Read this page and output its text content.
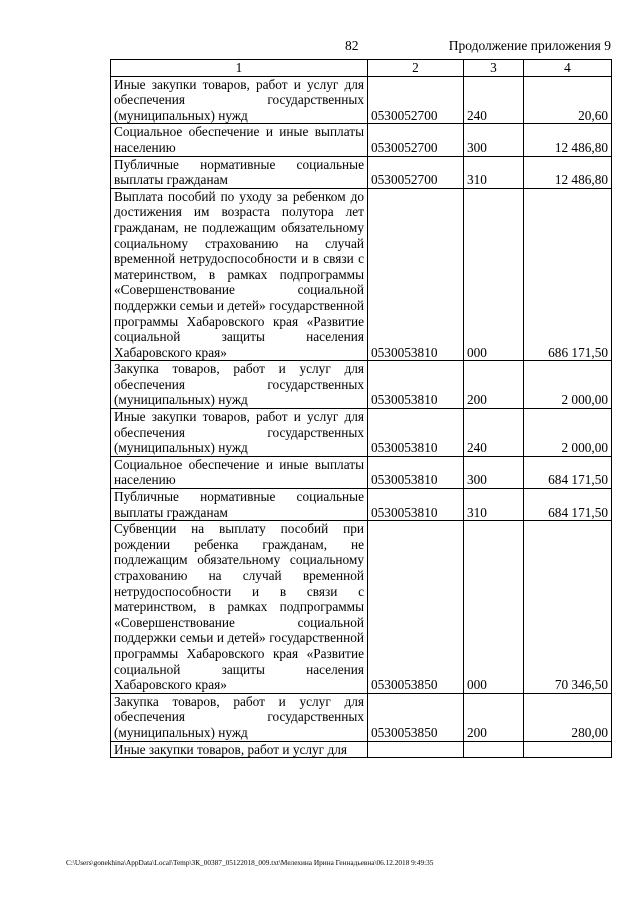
82	Продолжение приложения 9
1	2	3	4
Иные закупки товаров, работ и услуг для обеспечения государственных (муниципальных) нужд	0530052700	240	20,60
Социальное обеспечение и иные выплаты населению	0530052700	300	12 486,80
Публичные нормативные социальные выплаты гражданам	0530052700	310	12 486,80
Выплата пособий по уходу за ребенком до достижения им возраста полутора лет гражданам, не подлежащим обязательному социальному страхованию на случай временной нетрудоспособности и в связи с материнством, в рамках подпрограммы «Совершенствование социальной поддержки семьи и детей» государственной программы Хабаровского края «Развитие социальной защиты населения Хабаровского края»	0530053810	000	686 171,50
Закупка товаров, работ и услуг для обеспечения государственных (муниципальных) нужд	0530053810	200	2 000,00
Иные закупки товаров, работ и услуг для обеспечения государственных (муниципальных) нужд	0530053810	240	2 000,00
Социальное обеспечение и иные выплаты населению	0530053810	300	684 171,50
Публичные нормативные социальные выплаты гражданам	0530053810	310	684 171,50
Субвенции на выплату пособий при рождении ребенка гражданам, не подлежащим обязательному социальному страхованию на случай временной нетрудоспособности и в связи с материнством, в рамках подпрограммы «Совершенствование социальной поддержки семьи и детей» государственной программы Хабаровского края «Развитие социальной защиты населения Хабаровского края»	0530053850	000	70 346,50
Закупка товаров, работ и услуг для обеспечения государственных (муниципальных) нужд	0530053850	200	280,00
Иные закупки товаров, работ и услуг для			
C:\Users\gonekhina\AppData\Local\Temp\ЗК_00387_05122018_009.txt\Мелехина Ирина Геннадьевна\06.12.2018 9:49:35
